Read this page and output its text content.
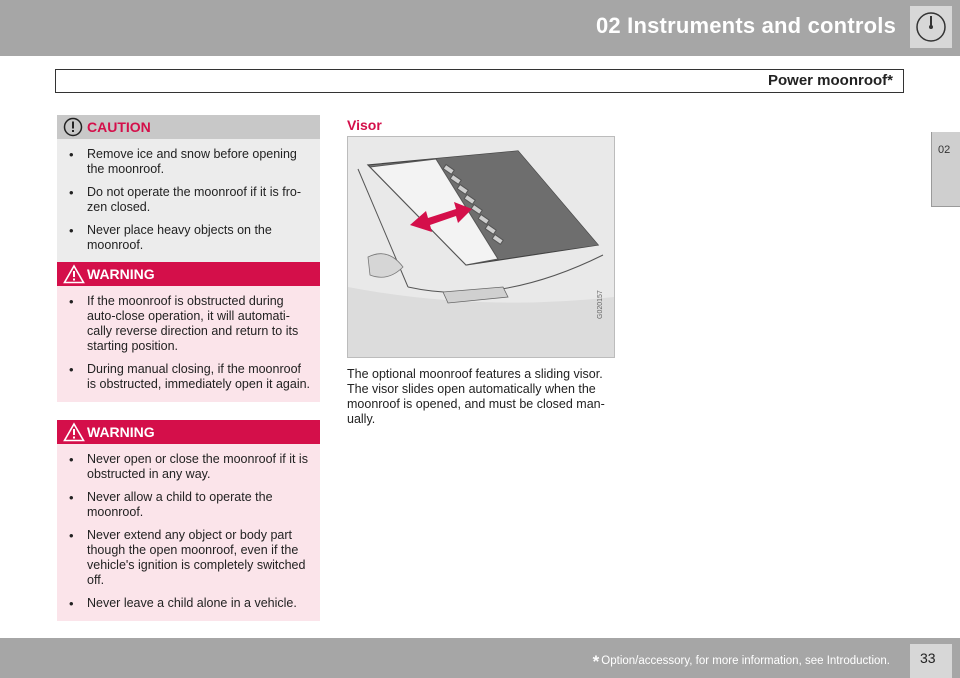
02 Instruments and controls
Power moonroof*
02
CAUTION
• Remove ice and snow before opening the moonroof.
• Do not operate the moonroof if it is fro-zen closed.
• Never place heavy objects on the moonroof.
WARNING
• If the moonroof is obstructed during auto-close operation, it will automati-cally reverse direction and return to its starting position.
• During manual closing, if the moonroof is obstructed, immediately open it again.
WARNING
• Never open or close the moonroof if it is obstructed in any way.
• Never allow a child to operate the moonroof.
• Never extend any object or body part though the open moonroof, even if the vehicle's ignition is completely switched off.
• Never leave a child alone in a vehicle.
Visor
G020157
The optional moonroof features a sliding visor. The visor slides open automatically when the moonroof is opened, and must be closed man-ually.
* Option/accessory, for more information, see Introduction. 33
